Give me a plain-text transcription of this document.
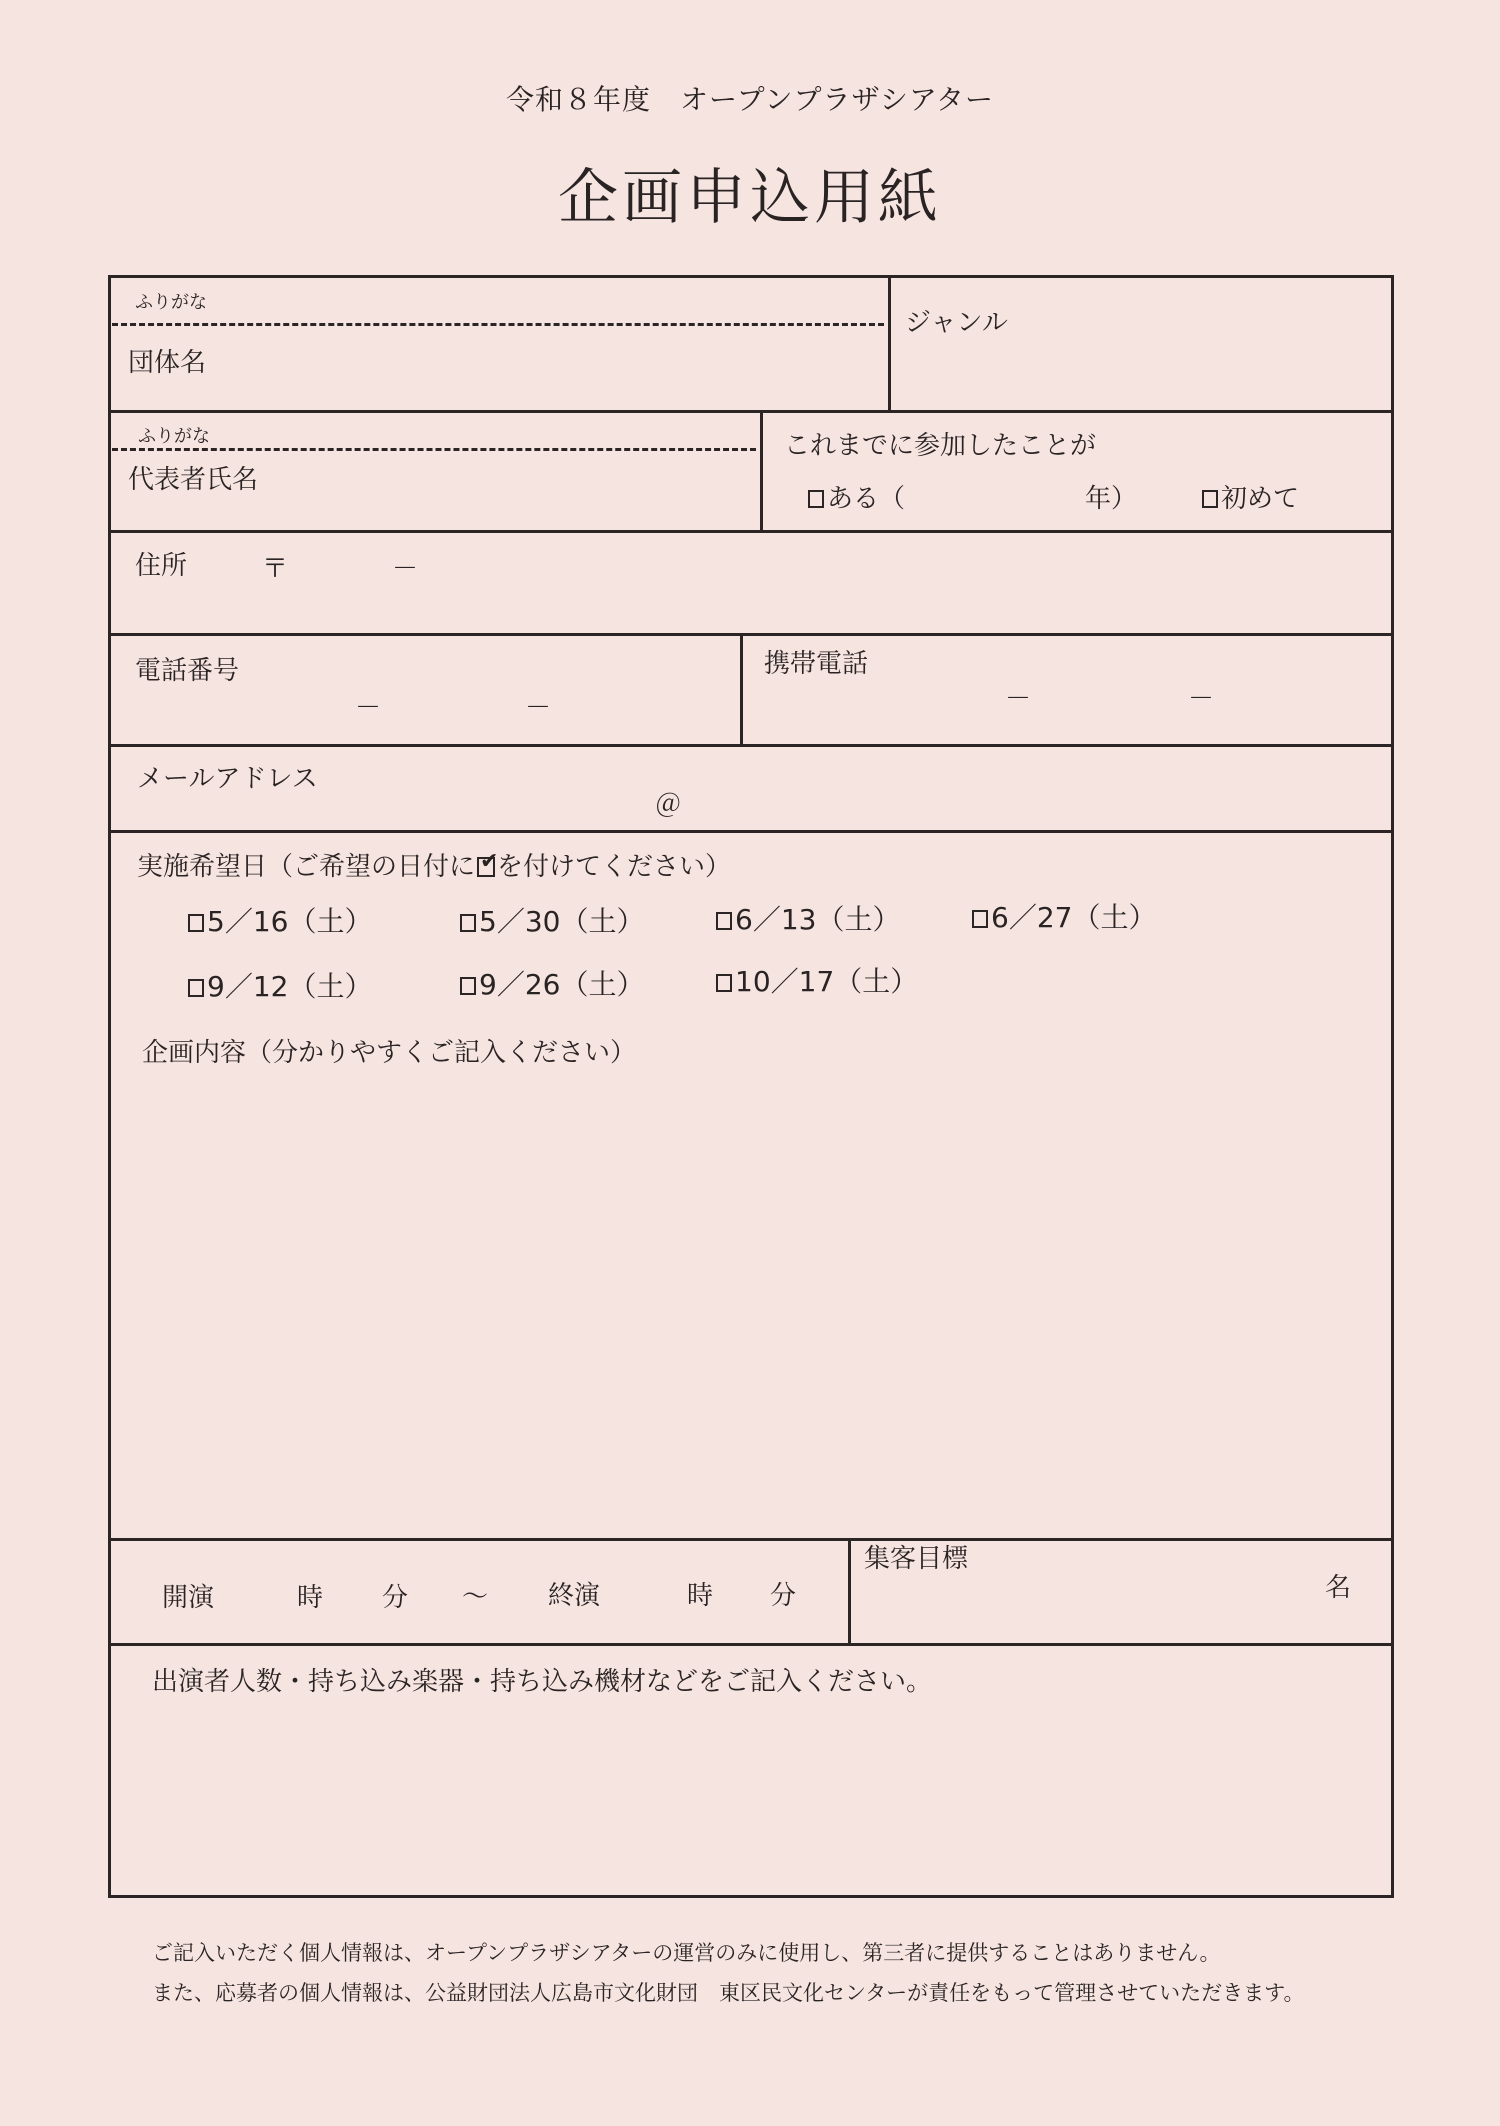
令和８年度　オープンプラザシアター
企画申込用紙
ふりがな
団体名
ジャンル
ふりがな
代表者氏名
これまでに参加したことが
ある（	年）	初めて
住所	〒	－
電話番号
－	－
携帯電話
－	－
メールアドレス
＠
実施希望日（ご希望の日付に✔ を付けてください）
5／16（土）	5／30（土）	6／13（土）	6／27（土）
9／12（土）	9／26（土）	10／17（土）
企画内容（分かりやすくご記入ください）
開演	時 分 ～ 終演	時 分
集客目標
名
出演者人数・持ち込み楽器・持ち込み機材などをご記入ください。
ご記入いただく個人情報は、オープンプラザシアターの運営のみに使用し、第三者に提供することはありません。
また、応募者の個人情報は、公益財団法人広島市文化財団　東区民文化センターが責任をもって管理させていただきます。
